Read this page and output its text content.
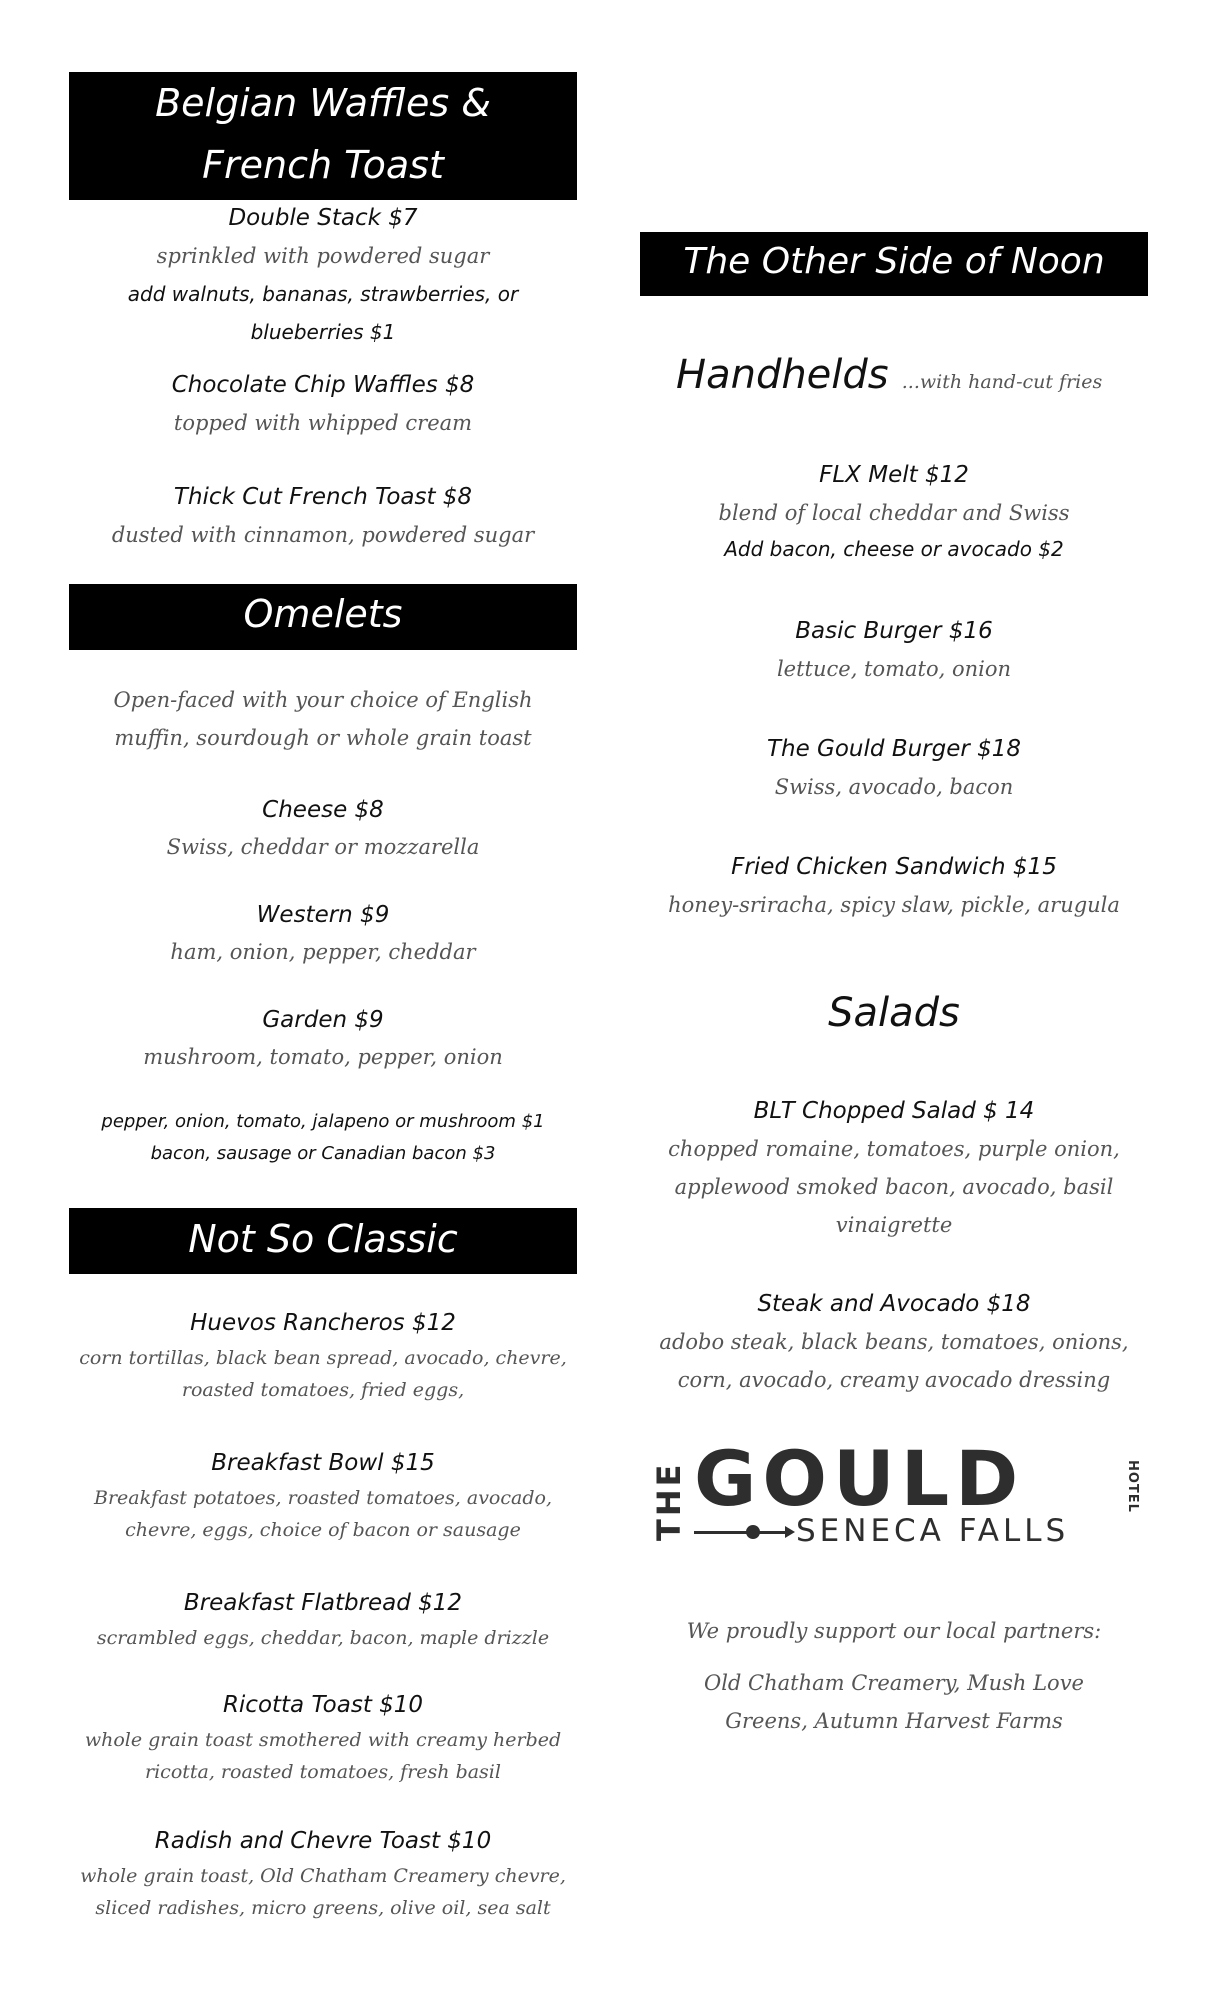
Belgian Waffles &
French Toast
Double Stack $7
sprinkled with powdered sugar
add walnuts, bananas, strawberries, or
blueberries $1
Chocolate Chip Waffles $8
topped with whipped cream
Thick Cut French Toast $8
dusted with cinnamon, powdered sugar
Omelets
Open-faced with your choice of English
muffin, sourdough or whole grain toast
Cheese $8
Swiss, cheddar or mozzarella
Western $9
ham, onion, pepper, cheddar
Garden $9
mushroom, tomato, pepper, onion
pepper, onion, tomato, jalapeno or mushroom $1
bacon, sausage or Canadian bacon $3
Not So Classic
Huevos Rancheros $12
corn tortillas, black bean spread, avocado, chevre,
roasted tomatoes, fried eggs,
Breakfast Bowl $15
Breakfast potatoes, roasted tomatoes, avocado,
chevre, eggs, choice of bacon or sausage
Breakfast Flatbread $12
scrambled eggs, cheddar, bacon, maple drizzle
Ricotta Toast $10
whole grain toast smothered with creamy herbed
ricotta, roasted tomatoes, fresh basil
Radish and Chevre Toast $10
whole grain toast, Old Chatham Creamery chevre,
sliced radishes, micro greens, olive oil, sea salt
The Other Side of Noon
Handhelds ...with hand-cut fries
FLX Melt $12
blend of local cheddar and Swiss
Add bacon, cheese or avocado $2
Basic Burger $16
lettuce, tomato, onion
The Gould Burger $18
Swiss, avocado, bacon
Fried Chicken Sandwich $15
honey-sriracha, spicy slaw, pickle, arugula
Salads
BLT Chopped Salad $ 14
chopped romaine, tomatoes, purple onion,
applewood smoked bacon, avocado, basil
vinaigrette
Steak and Avocado $18
adobo steak, black beans, tomatoes, onions,
corn, avocado, creamy avocado dressing
THE GOULD	HOTEL
SENECA FALLS
We proudly support our local partners:
Old Chatham Creamery, Mush Love
Greens, Autumn Harvest Farms
